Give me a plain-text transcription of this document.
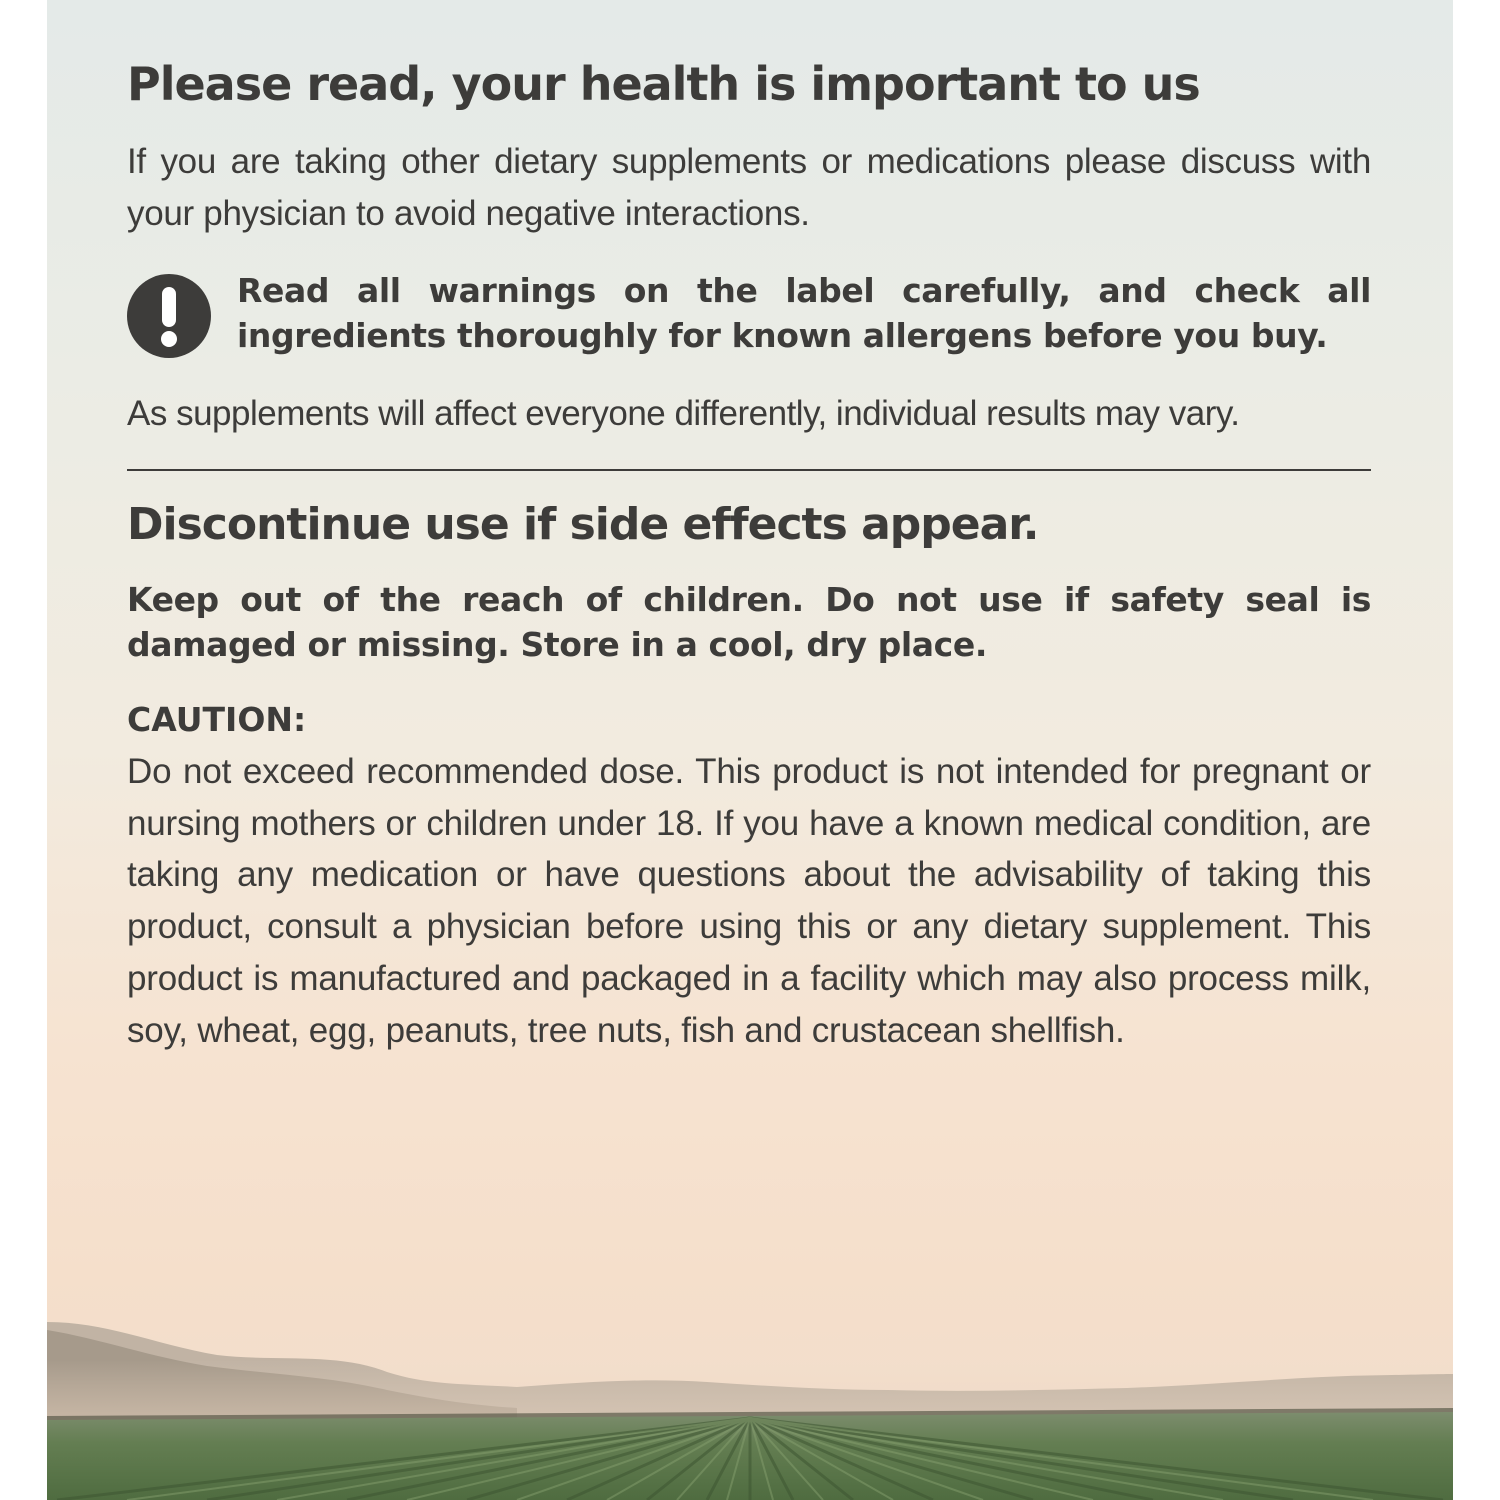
Please read, your health is important to us
If you are taking other dietary supplements or medications please discuss with your physician to avoid negative interactions.
Read all warnings on the label carefully, and check all ingredients thoroughly for known allergens before you buy.
As supplements will affect everyone differently, individual results may vary.
Discontinue use if side effects appear.
Keep out of the reach of children. Do not use if safety seal is damaged or missing. Store in a cool, dry place.
CAUTION:
Do not exceed recommended dose. This product is not intended for pregnant or nursing mothers or children under 18. If you have a known medical condition, are taking any medication or have questions about the advisability of taking this product, consult a physician before using this or any dietary supplement. This product is manufactured and packaged in a facility which may also process milk, soy, wheat, egg, peanuts, tree nuts, fish and crustacean shellfish.
